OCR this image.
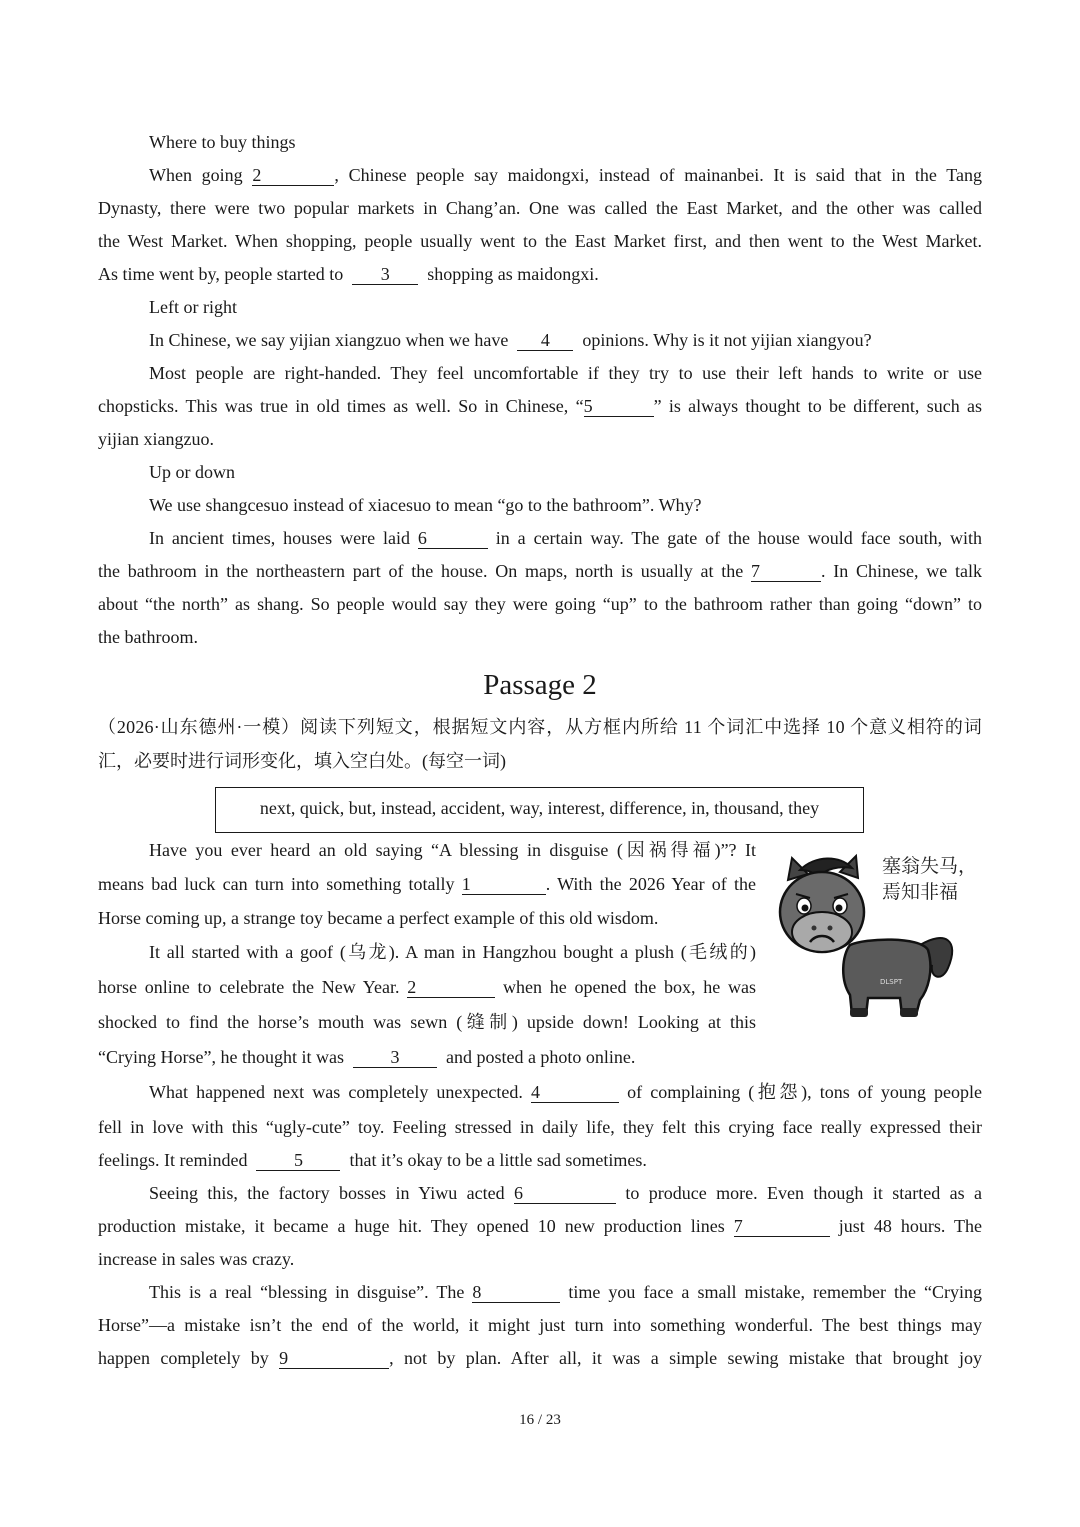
Where to buy things
When going 2	, Chinese people say maidongxi, instead of mainanbei. It is said that in the Tang
Dynasty, there were two popular markets in Chang’an. One was called the East Market, and the other was called
the West Market. When shopping, people usually went to the East Market first, and then went to the West Market.
As time went by, people started to 3 shopping as maidongxi.
Left or right
In Chinese, we say yijian xiangzuo when we have 4 opinions. Why is it not yijian xiangyou?
Most people are right-handed. They feel uncomfortable if they try to use their left hands to write or use
chopsticks. This was true in old times as well. So in Chinese, “5	” is always thought to be different, such as
yijian xiangzuo.
Up or down
We use shangcesuo instead of xiacesuo to mean “go to the bathroom”. Why?
In ancient times, houses were laid 6	in a certain way. The gate of the house would face south, with
the bathroom in the northeastern part of the house. On maps, north is usually at the 7	. In Chinese, we talk
about “the north” as shang. So people would say they were going “up” to the bathroom rather than going “down” to
the bathroom.
Passage 2
（2026·山东德州·一模）阅读下列短文，根据短文内容，从方框内所给 11 个词汇中选择 10 个意义相符的词
汇，必要时进行词形变化，填入空白处。(每空一词)
next, quick, but, instead, accident, way, interest, difference, in, thousand, they
Have you ever heard an old saying “A blessing in disguise (因祸得福)”? It
means bad luck can turn into something totally 1	. With the 2026 Year of the
Horse coming up, a strange toy became a perfect example of this old wisdom.
It all started with a goof (乌龙). A man in Hangzhou bought a plush (毛绒的)
horse online to celebrate the New Year. 2	when he opened the box, he was
shocked to find the horse’s mouth was sewn (缝制) upside down! Looking at this
“Crying Horse”, he thought it was	3	and posted a photo online.
What happened next was completely unexpected. 4	of complaining (抱怨), tons of young people
fell in love with this “ugly-cute” toy. Feeling stressed in daily life, they felt this crying face really expressed their
feelings. It reminded	5	that it’s okay to be a little sad sometimes.
Seeing this, the factory bosses in Yiwu acted 6	to produce more. Even though it started as a
production mistake, it became a huge hit. They opened 10 new production lines 7	just 48 hours. The
increase in sales was crazy.
This is a real “blessing in disguise”. The 8	time you face a small mistake, remember the “Crying
Horse”—a mistake isn’t the end of the world, it might just turn into something wonderful. The best things may
happen completely by 9	, not by plan. After all, it was a simple sewing mistake that brought joy
DLSPT
塞翁失马，
焉知非福
16 / 23
